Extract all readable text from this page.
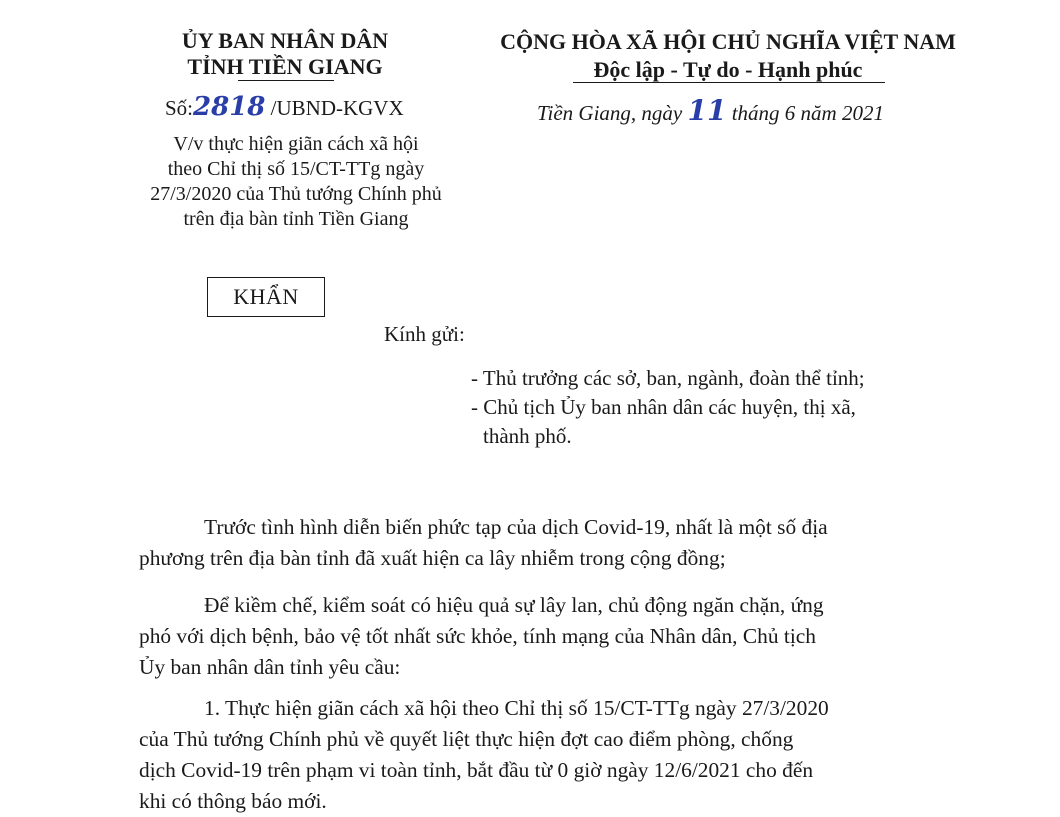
ỦY BAN NHÂN DÂN
TỈNH TIỀN GIANG
Số:2818 /UBND-KGVX
CỘNG HÒA XÃ HỘI CHỦ NGHĨA VIỆT NAM
Độc lập - Tự do - Hạnh phúc
Tiền Giang, ngày 11 tháng 6 năm 2021
V/v thực hiện giãn cách xã hội
theo Chỉ thị số 15/CT-TTg ngày
27/3/2020 của Thủ tướng Chính phủ
trên địa bàn tỉnh Tiền Giang
KHẨN
Kính gửi:
- Thủ trưởng các sở, ban, ngành, đoàn thể tỉnh;
- Chủ tịch Ủy ban nhân dân các huyện, thị xã,
thành phố.
Trước tình hình diễn biến phức tạp của dịch Covid-19, nhất là một số địa
phương trên địa bàn tỉnh đã xuất hiện ca lây nhiễm trong cộng đồng;
Để kiềm chế, kiểm soát có hiệu quả sự lây lan, chủ động ngăn chặn, ứng
phó với dịch bệnh, bảo vệ tốt nhất sức khỏe, tính mạng của Nhân dân, Chủ tịch
Ủy ban nhân dân tỉnh yêu cầu:
1. Thực hiện giãn cách xã hội theo Chỉ thị số 15/CT-TTg ngày 27/3/2020
của Thủ tướng Chính phủ về quyết liệt thực hiện đợt cao điểm phòng, chống
dịch Covid-19 trên phạm vi toàn tỉnh, bắt đầu từ 0 giờ ngày 12/6/2021 cho đến
khi có thông báo mới.
